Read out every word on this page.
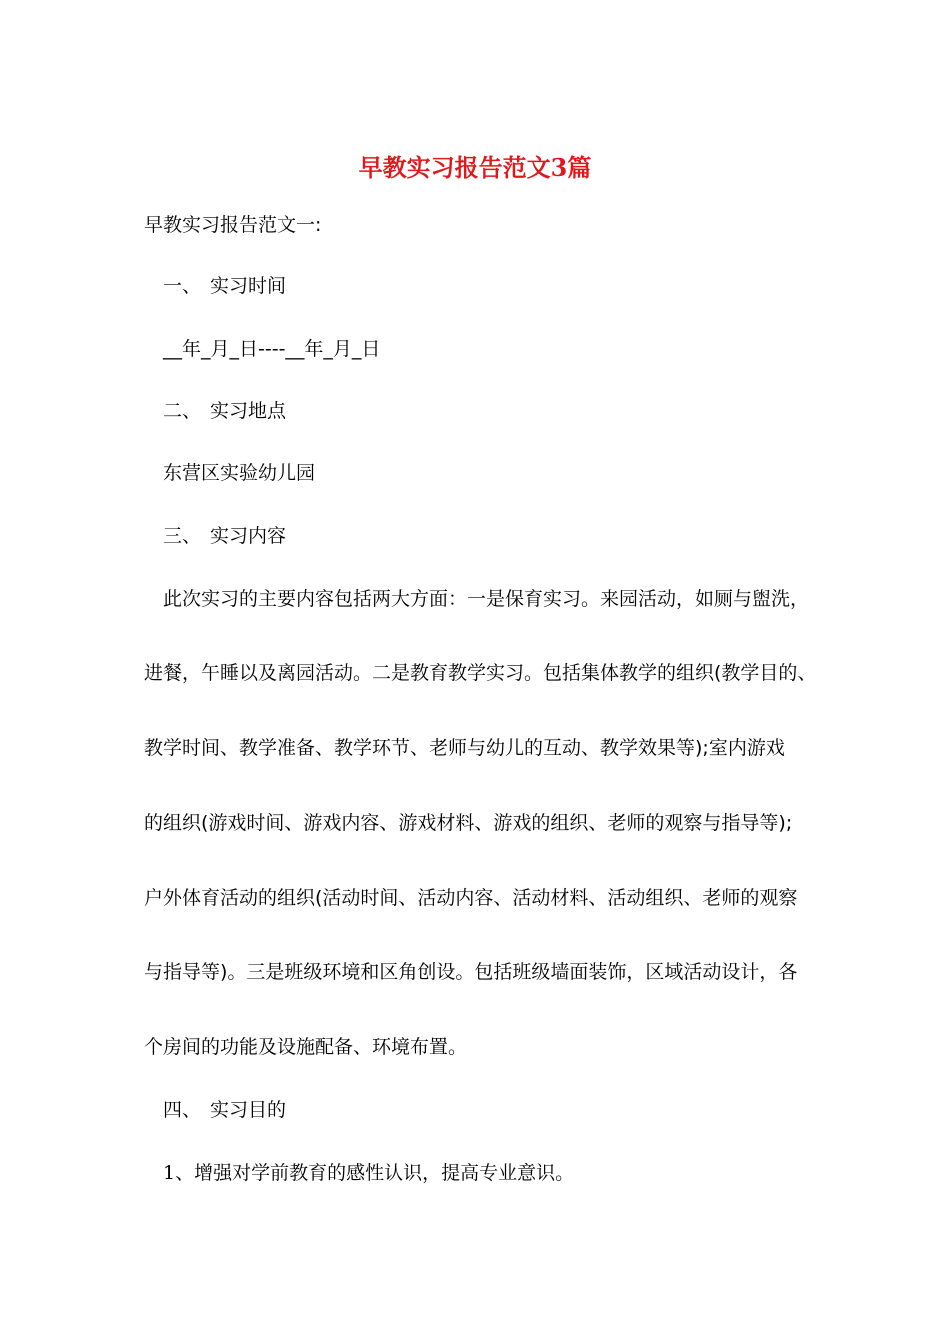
早教实习报告范文3篇
早教实习报告范文一:
一、 实习时间
__年_月_日----__年_月_日
二、 实习地点
东营区实验幼儿园
三、 实习内容
此次实习的主要内容包括两大方面：一是保育实习。来园活动，如厕与盥洗，
进餐，午睡以及离园活动。二是教育教学实习。包括集体教学的组织(教学目的、
教学时间、教学准备、教学环节、老师与幼儿的互动、教学效果等);室内游戏
的组织(游戏时间、游戏内容、游戏材料、游戏的组织、老师的观察与指导等);
户外体育活动的组织(活动时间、活动内容、活动材料、活动组织、老师的观察
与指导等)。三是班级环境和区角创设。包括班级墙面装饰，区域活动设计，各
个房间的功能及设施配备、环境布置。
四、 实习目的
1、增强对学前教育的感性认识，提高专业意识。
